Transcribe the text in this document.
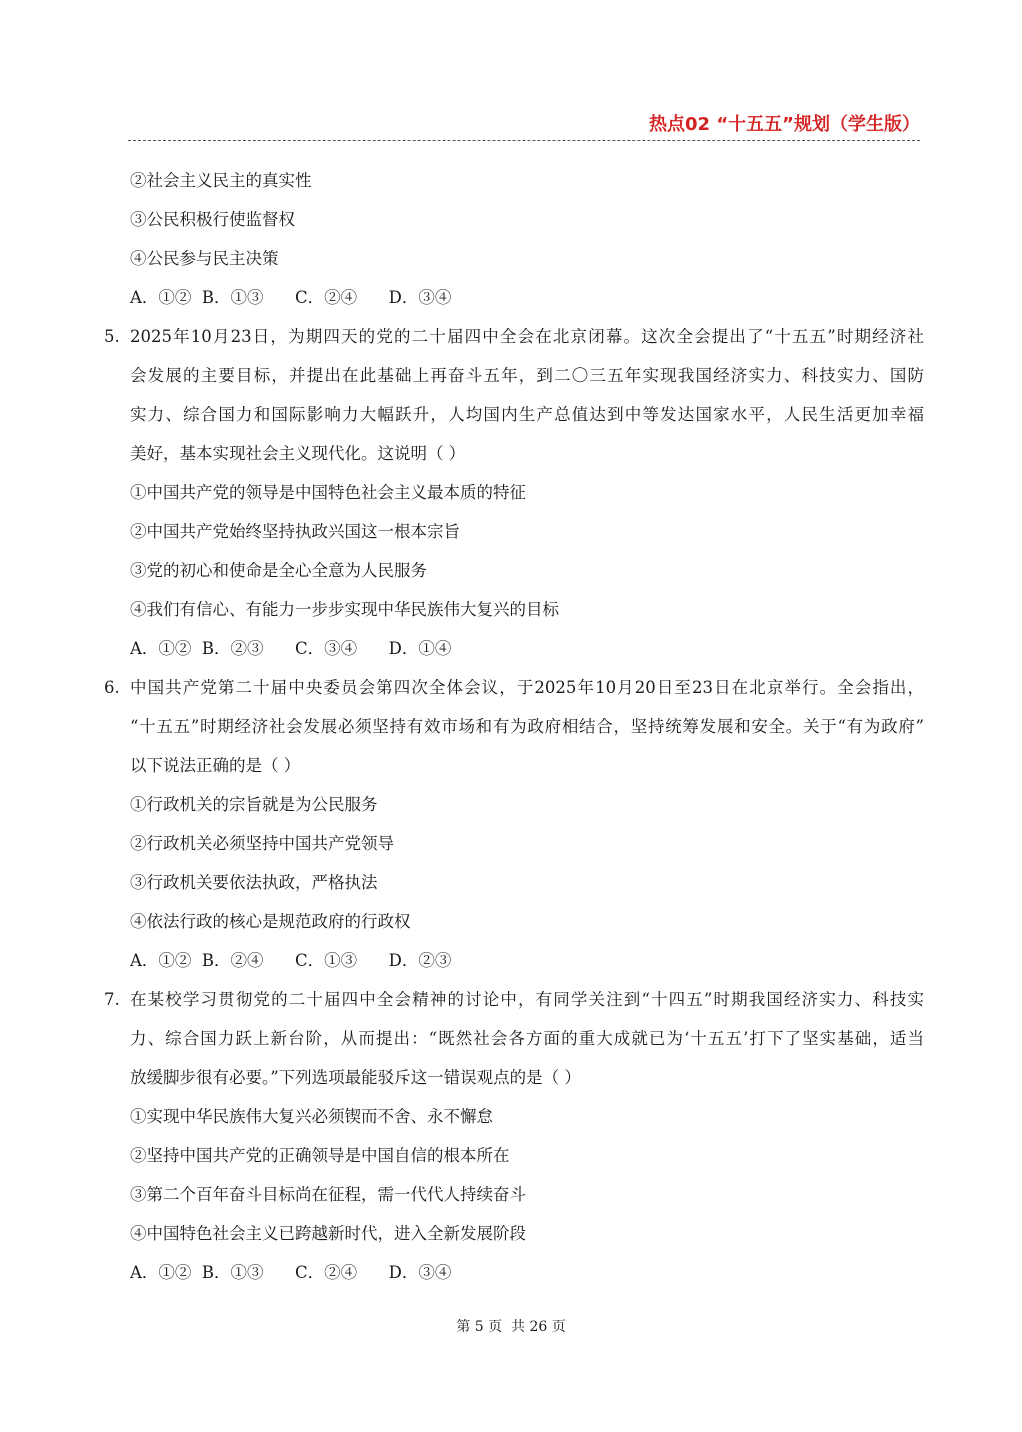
热点02 “十五五”规划（学生版）
②社会主义民主的真实性
③公民积极行使监督权
④公民参与民主决策
A．①②  B．①③      C．②④      D．③④
5. 2025年10月23日，为期四天的党的二十届四中全会在北京闭幕。这次全会提出了“十五五”时期经济社
会发展的主要目标，并提出在此基础上再奋斗五年，到二〇三五年实现我国经济实力、科技实力、国防
实力、综合国力和国际影响力大幅跃升，人均国内生产总值达到中等发达国家水平，人民生活更加幸福
美好，基本实现社会主义现代化。这说明（ ）
①中国共产党的领导是中国特色社会主义最本质的特征
②中国共产党始终坚持执政兴国这一根本宗旨
③党的初心和使命是全心全意为人民服务
④我们有信心、有能力一步步实现中华民族伟大复兴的目标
A．①②  B．②③      C．③④      D．①④
6. 中国共产党第二十届中央委员会第四次全体会议，于2025年10月20日至23日在北京举行。全会指出，
“十五五”时期经济社会发展必须坚持有效市场和有为政府相结合，坚持统筹发展和安全。关于“有为政府”
以下说法正确的是（ ）
①行政机关的宗旨就是为公民服务
②行政机关必须坚持中国共产党领导
③行政机关要依法执政，严格执法
④依法行政的核心是规范政府的行政权
A．①②  B．②④      C．①③      D．②③
7. 在某校学习贯彻党的二十届四中全会精神的讨论中，有同学关注到“十四五”时期我国经济实力、科技实
力、综合国力跃上新台阶，从而提出：“既然社会各方面的重大成就已为‘十五五’打下了坚实基础，适当
放缓脚步很有必要。”下列选项最能驳斥这一错误观点的是（ ）
①实现中华民族伟大复兴必须锲而不舍、永不懈怠
②坚持中国共产党的正确领导是中国自信的根本所在
③第二个百年奋斗目标尚在征程，需一代代人持续奋斗
④中国特色社会主义已跨越新时代，进入全新发展阶段
A．①②  B．①③      C．②④      D．③④
第 5 页  共 26 页
